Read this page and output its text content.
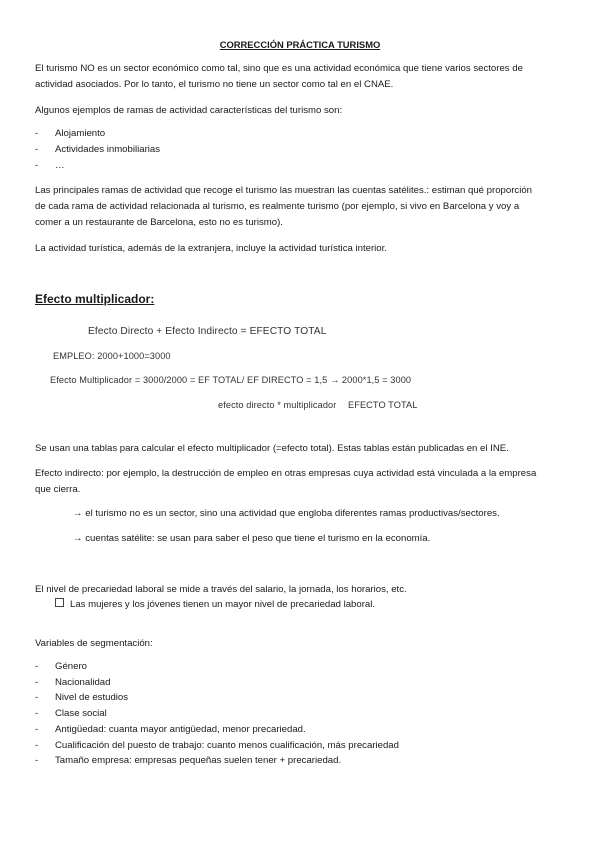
CORRECCIÓN PRÁCTICA TURISMO
El turismo NO es un sector económico como tal, sino que es una actividad económica que tiene varios sectores de
actividad asociados. Por lo tanto, el turismo no tiene un sector como tal en el CNAE.
Algunos ejemplos de ramas de actividad características del turismo son:
- Alojamiento
- Actividades inmobiliarias
- …
Las principales ramas de actividad que recoge el turismo las muestran las cuentas satélites.: estiman qué proporción
de cada rama de actividad relacionada al turismo, es realmente turismo (por ejemplo, si vivo en Barcelona y voy a
comer a un restaurante de Barcelona, esto no es turismo).
La actividad turística, además de la extranjera, incluye la actividad turística interior.
Efecto multiplicador:
Efecto Directo + Efecto Indirecto = EFECTO TOTAL
EMPLEO: 2000+1000=3000
Efecto Multiplicador = 3000/2000 = EF TOTAL/ EF DIRECTO = 1,5 → 2000*1,5 = 3000
efecto directo * multiplicador EFECTO TOTAL
Se usan una tablas para calcular el efecto multiplicador (=efecto total). Estas tablas están publicadas en el INE.
Efecto indirecto: por ejemplo, la destrucción de empleo en otras empresas cuya actividad está vinculada a la empresa
que cierra.
→ el turismo no es un sector, sino una actividad que engloba diferentes ramas productivas/sectores.
→ cuentas satélite: se usan para saber el peso que tiene el turismo en la economía.
El nivel de precariedad laboral se mide a través del salario, la jornada, los horarios, etc.
Las mujeres y los jóvenes tienen un mayor nivel de precariedad laboral.
Variables de segmentación:
- Género
- Nacionalidad
- Nivel de estudios
- Clase social
- Antigüedad: cuanta mayor antigüedad, menor precariedad.
- Cualificación del puesto de trabajo: cuanto menos cualificación, más precariedad
- Tamaño empresa: empresas pequeñas suelen tener + precariedad.
